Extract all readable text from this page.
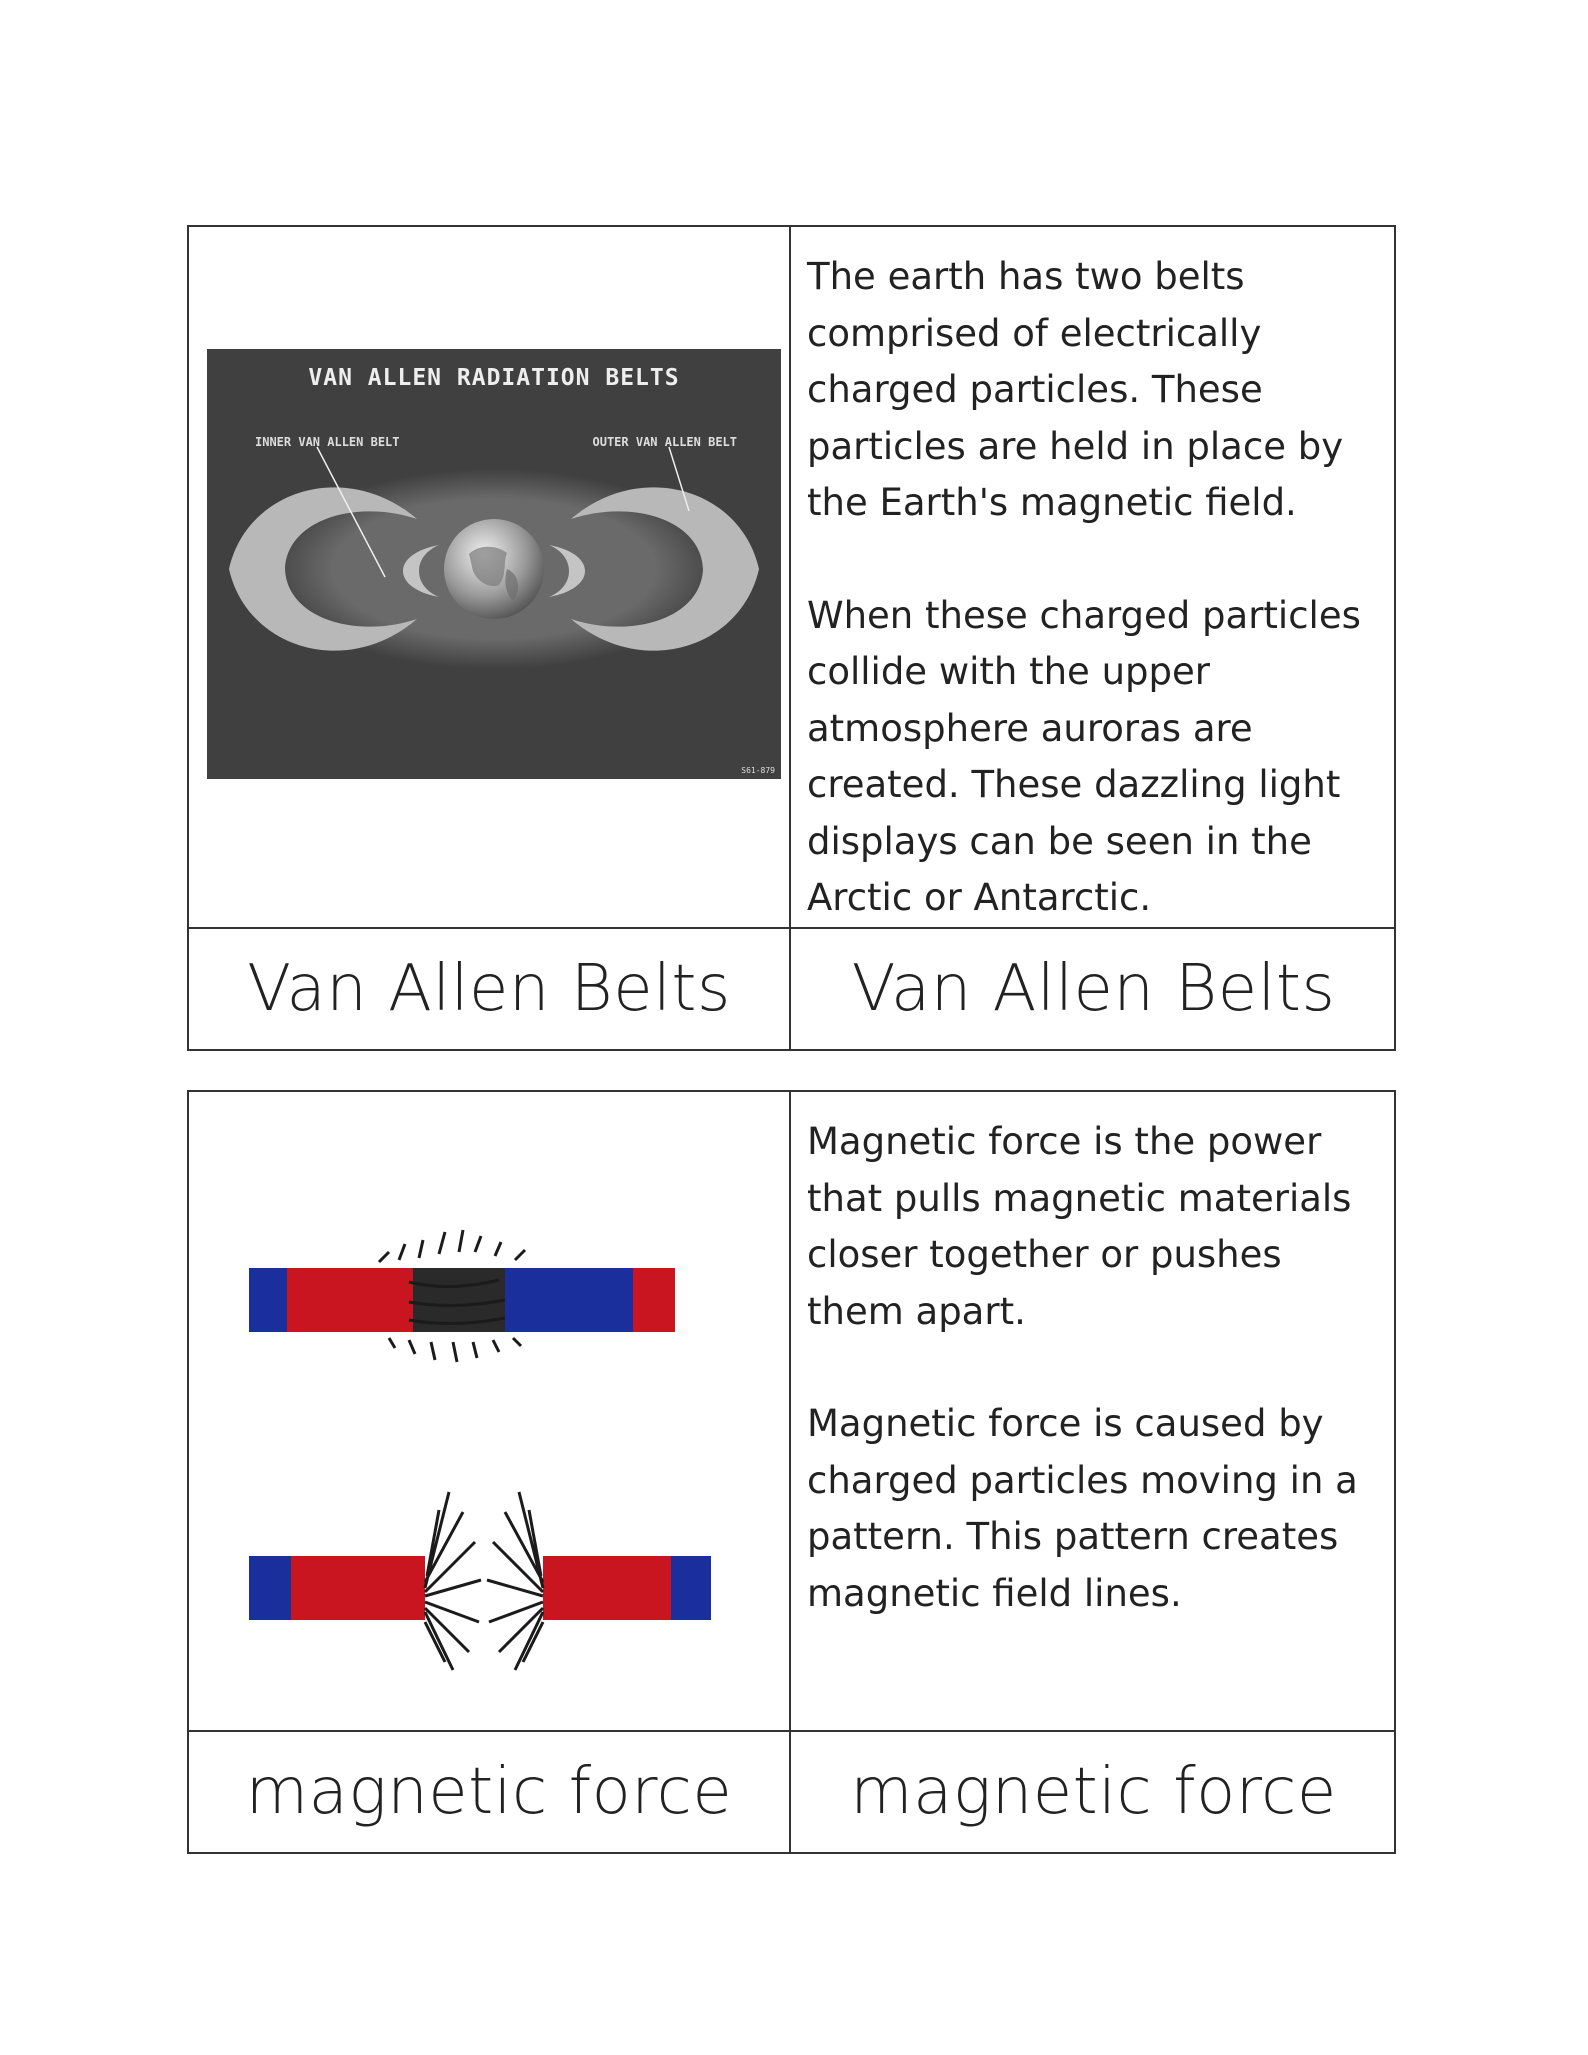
VAN ALLEN RADIATION BELTS
INNER VAN ALLEN BELT	OUTER VAN ALLEN BELT
S61-879

The earth has two belts comprised of electrically charged particles. These particles are held in place by the Earth's magnetic field.

When these charged particles collide with the upper atmosphere auroras are created. These dazzling light displays can be seen in the Arctic or Antarctic.

Van Allen Belts Van Allen Belts

Magnetic force is the power that pulls magnetic materials closer together or pushes them apart.

Magnetic force is caused by charged particles moving in a pattern. This pattern creates magnetic field lines.

magnetic force magnetic force
